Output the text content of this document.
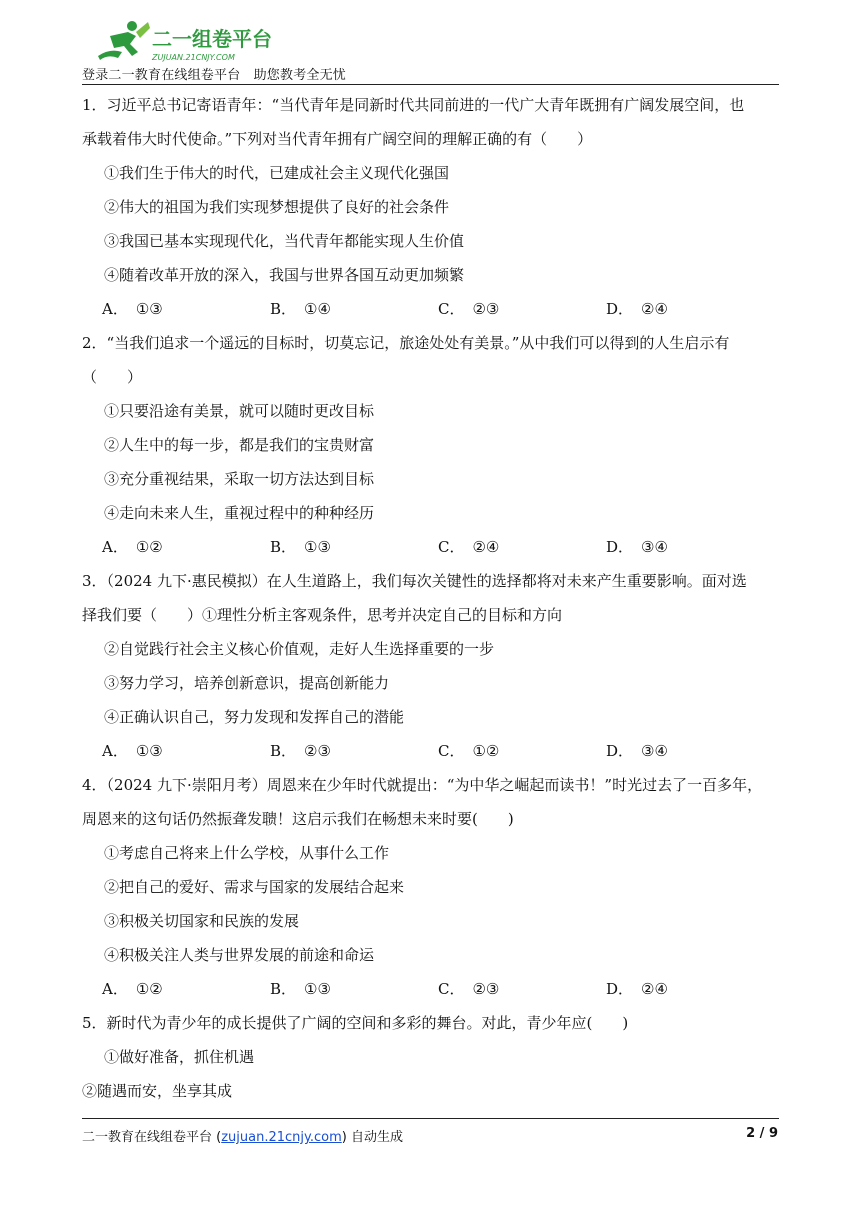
二一组卷平台
ZUJUAN.21CNJY.COM
登录二一教育在线组卷平台　助您教考全无忧
1．习近平总书记寄语青年：“当代青年是同新时代共同前进的一代广大青年既拥有广阔发展空间，也
承载着伟大时代使命。”下列对当代青年拥有广阔空间的理解正确的有（　　）
①我们生于伟大的时代，已建成社会主义现代化强国
②伟大的祖国为我们实现梦想提供了良好的社会条件
③我国已基本实现现代化，当代青年都能实现人生价值
④随着改革开放的深入，我国与世界各国互动更加频繁
A． ①③	B． ①④	C． ②③	D． ②④
2．“当我们追求一个遥远的目标时，切莫忘记，旅途处处有美景。”从中我们可以得到的人生启示有
（　　）
①只要沿途有美景，就可以随时更改目标
②人生中的每一步，都是我们的宝贵财富
③充分重视结果，采取一切方法达到目标
④走向未来人生，重视过程中的种种经历
A． ①②	B． ①③	C． ②④	D． ③④
3．（2024 九下·惠民模拟）在人生道路上，我们每次关键性的选择都将对未来产生重要影响。面对选
择我们要（　　）①理性分析主客观条件，思考并决定自己的目标和方向
②自觉践行社会主义核心价值观，走好人生选择重要的一步
③努力学习，培养创新意识，提高创新能力
④正确认识自己，努力发现和发挥自己的潜能
A． ①③	B． ②③	C． ①②	D． ③④
4．（2024 九下·崇阳月考）周恩来在少年时代就提出：“为中华之崛起而读书！”时光过去了一百多年，
周恩来的这句话仍然振聋发聩！这启示我们在畅想未来时要(　　)
①考虑自己将来上什么学校，从事什么工作
②把自己的爱好、需求与国家的发展结合起来
③积极关切国家和民族的发展
④积极关注人类与世界发展的前途和命运
A． ①②	B． ①③	C． ②③	D． ②④
5．新时代为青少年的成长提供了广阔的空间和多彩的舞台。对此，青少年应(　　)
①做好准备，抓住机遇
②随遇而安，坐享其成
二一教育在线组卷平台 (zujuan.21cnjy.com) 自动生成	2 / 9
